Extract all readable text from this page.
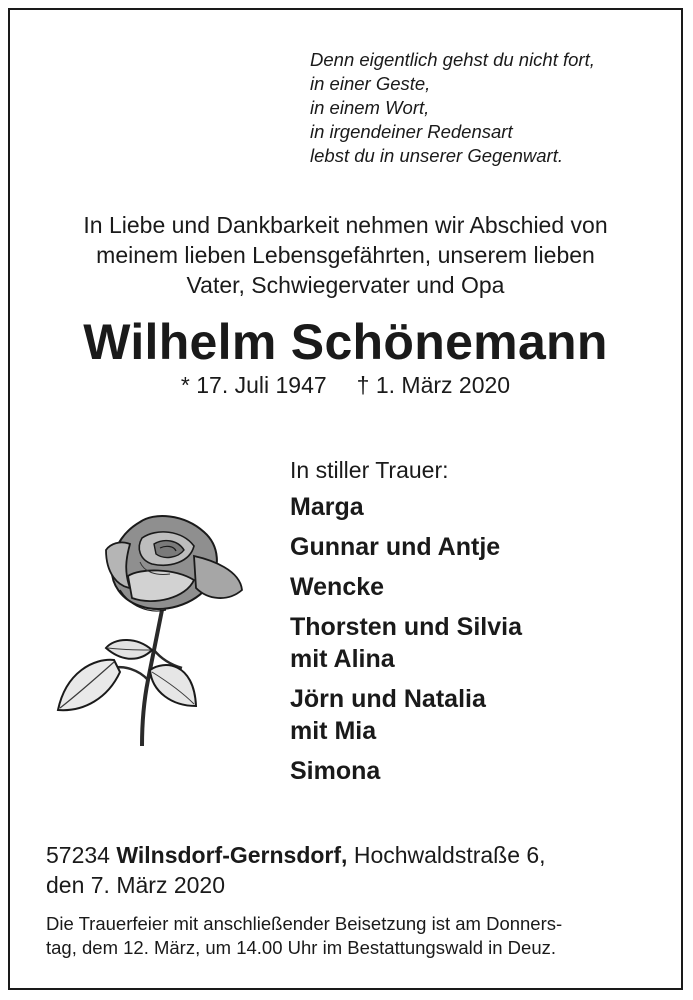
Denn eigentlich gehst du nicht fort,
in einer Geste,
in einem Wort,
in irgendeiner Redensart
lebst du in unserer Gegenwart.
In Liebe und Dankbarkeit nehmen wir Abschied von
meinem lieben Lebensgefährten, unserem lieben
Vater, Schwiegervater und Opa
Wilhelm Schönemann
* 17. Juli 1947 † 1. März 2020
In stiller Trauer:
Marga
Gunnar und Antje
Wencke
Thorsten und Silvia
mit Alina
Jörn und Natalia
mit Mia
Simona
57234 Wilnsdorf-Gernsdorf, Hochwaldstraße 6,
den 7. März 2020
Die Trauerfeier mit anschließender Beisetzung ist am Donners-
tag, dem 12. März, um 14.00 Uhr im Bestattungswald in Deuz.
